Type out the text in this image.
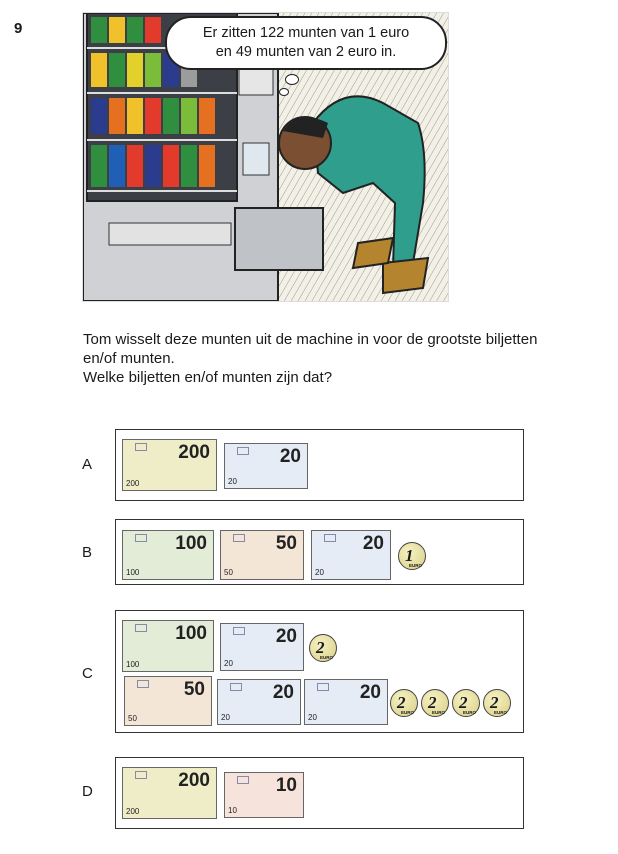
9	Er zitten 122 munten van 1 euro
en 49 munten van 2 euro in.

Tom wisselt deze munten uit de machine in voor de grootste biljetten

en/of munten.

Welke biljetten en/of munten zijn dat?

A
200
200
20
20
B	100
100
50
50
20
20
1
EURO
C
100
100
20
20
2
EURO
50
50
20
20
20
20
2
EURO
2
EURO
2
EURO
2
EURO
D
200
200
10
10
